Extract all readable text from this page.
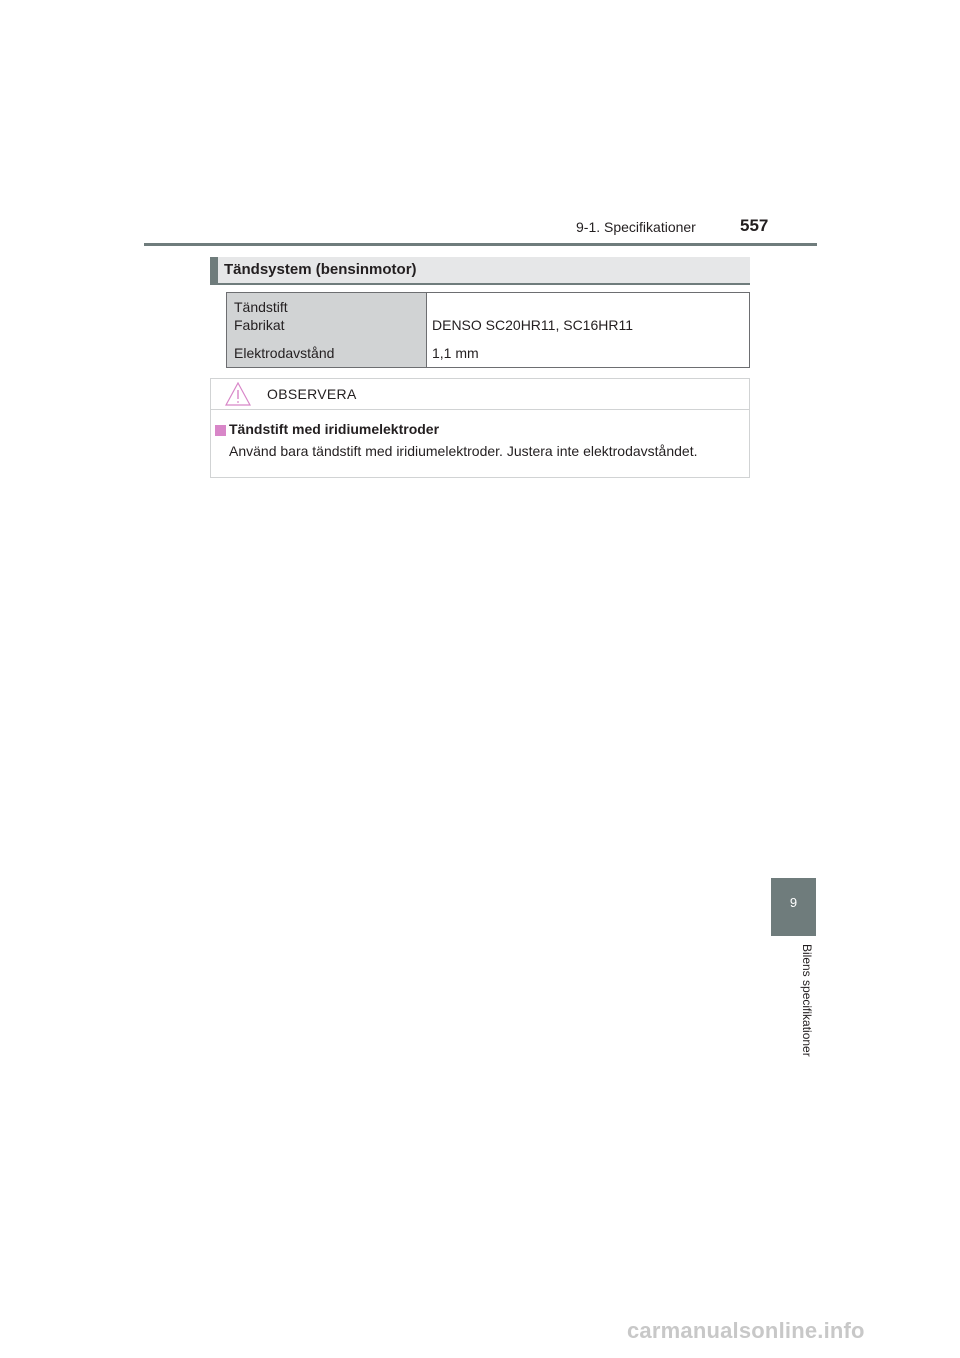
9-1. Specifikationer	557
Tändsystem (bensinmotor)
Tändstift
Fabrikat	DENSO SC20HR11, SC16HR11
Elektrodavstånd	1,1 mm
OBSERVERA
Tändstift med iridiumelektroder
Använd bara tändstift med iridiumelektroder. Justera inte elektrodavståndet.
9
Bilens specifikationer
carmanualsonline.info
